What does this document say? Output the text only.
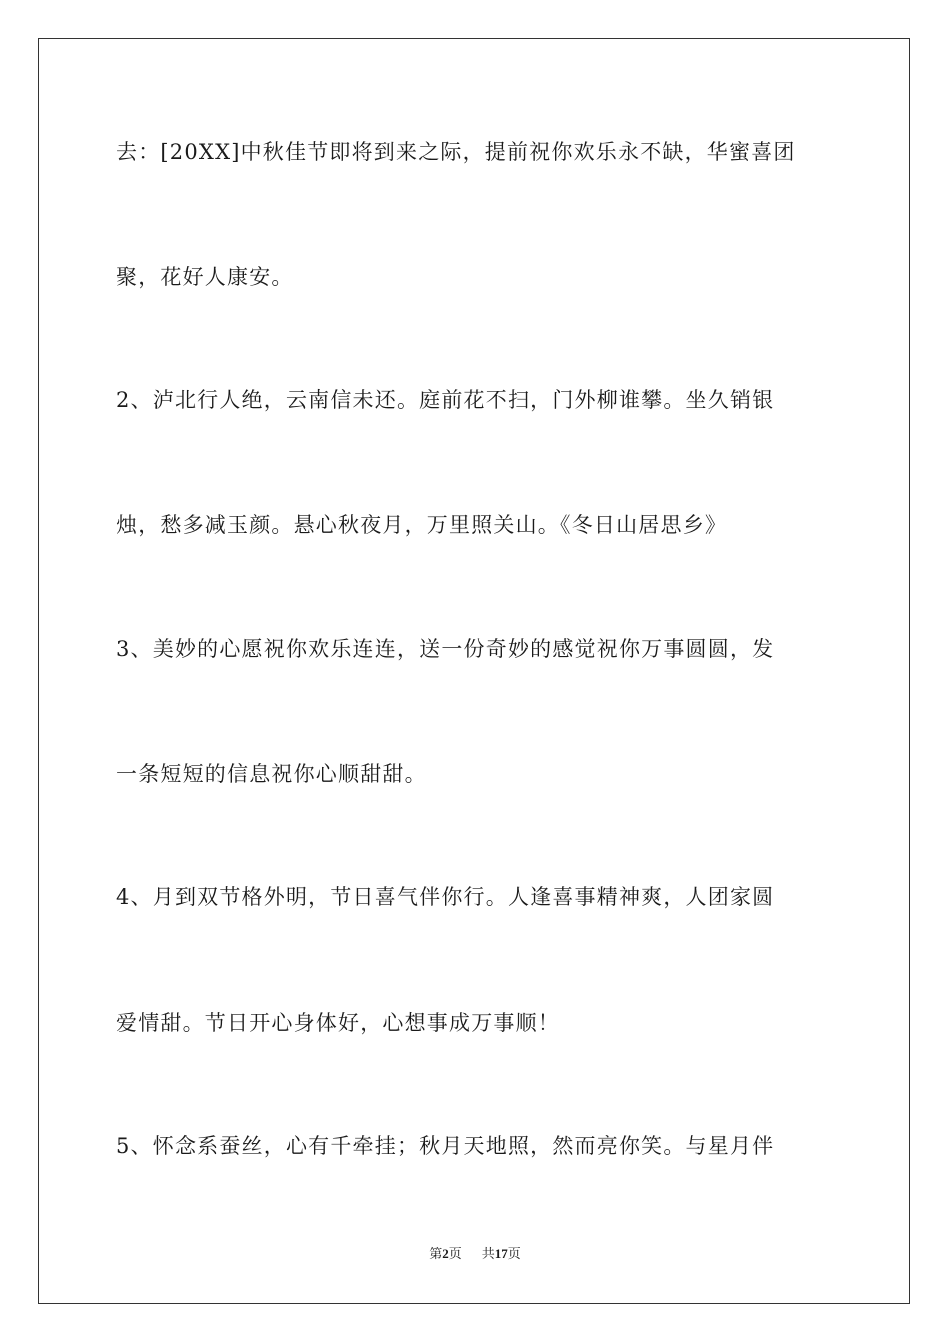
去：[20XX]中秋佳节即将到来之际，提前祝你欢乐永不缺，华蜜喜团
聚，花好人康安。
2、泸北行人绝，云南信未还。庭前花不扫，门外柳谁攀。坐久销银
烛，愁多减玉颜。悬心秋夜月，万里照关山。《冬日山居思乡》
3、美妙的心愿祝你欢乐连连，送一份奇妙的感觉祝你万事圆圆，发
一条短短的信息祝你心顺甜甜。
4、月到双节格外明，节日喜气伴你行。人逢喜事精神爽，人团家圆
爱情甜。节日开心身体好，心想事成万事顺！
5、怀念系蚕丝，心有千牵挂；秋月天地照，然而亮你笑。与星月伴
第2页 共17页
